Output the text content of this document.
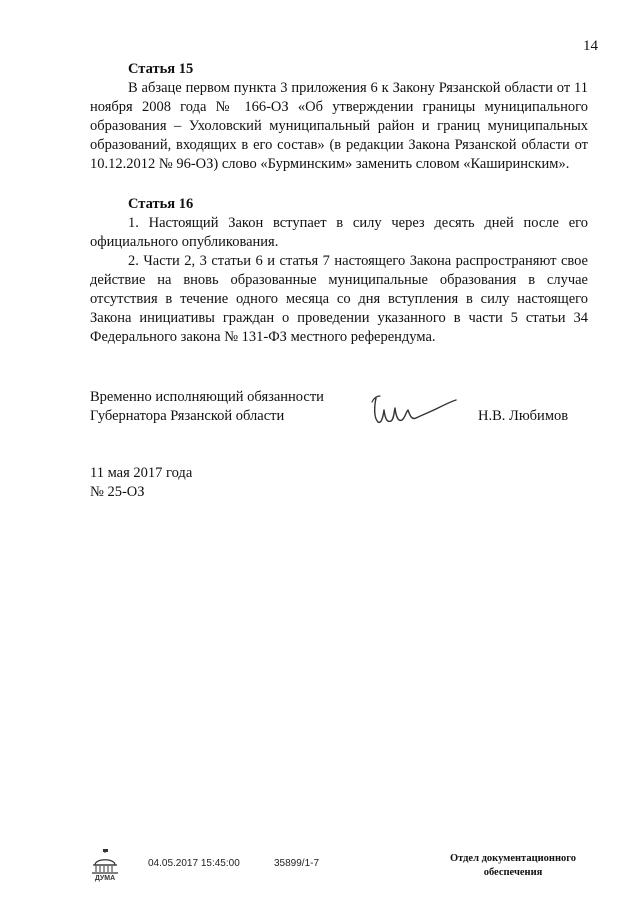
14

Статья 15

В абзаце первом пункта 3 приложения 6 к Закону Рязанской области от 11 ноября 2008 года № 166-ОЗ «Об утверждении границы муниципального образования – Ухоловский муниципальный район и границ муниципальных образований, входящих в его состав» (в редакции Закона Рязанской области от 10.12.2012 № 96-ОЗ) слово «Бурминским» заменить словом «Каширинским».

Статья 16

1. Настоящий Закон вступает в силу через десять дней после его официального опубликования.

2. Части 2, 3 статьи 6 и статья 7 настоящего Закона распространяют свое действие на вновь образованные муниципальные образования в случае отсутствия в течение одного месяца со дня вступления в силу настоящего Закона инициативы граждан о проведении указанного в части 5 статьи 34 Федерального закона № 131-ФЗ местного референдума.

Временно исполняющий обязанности
Губернатора Рязанской области	Н.В. Любимов
11 мая 2017 года
№ 25-ОЗ
ДУМА
04.05.2017 15:45:00	35899/1-7	Отдел документационного
обеспечения
